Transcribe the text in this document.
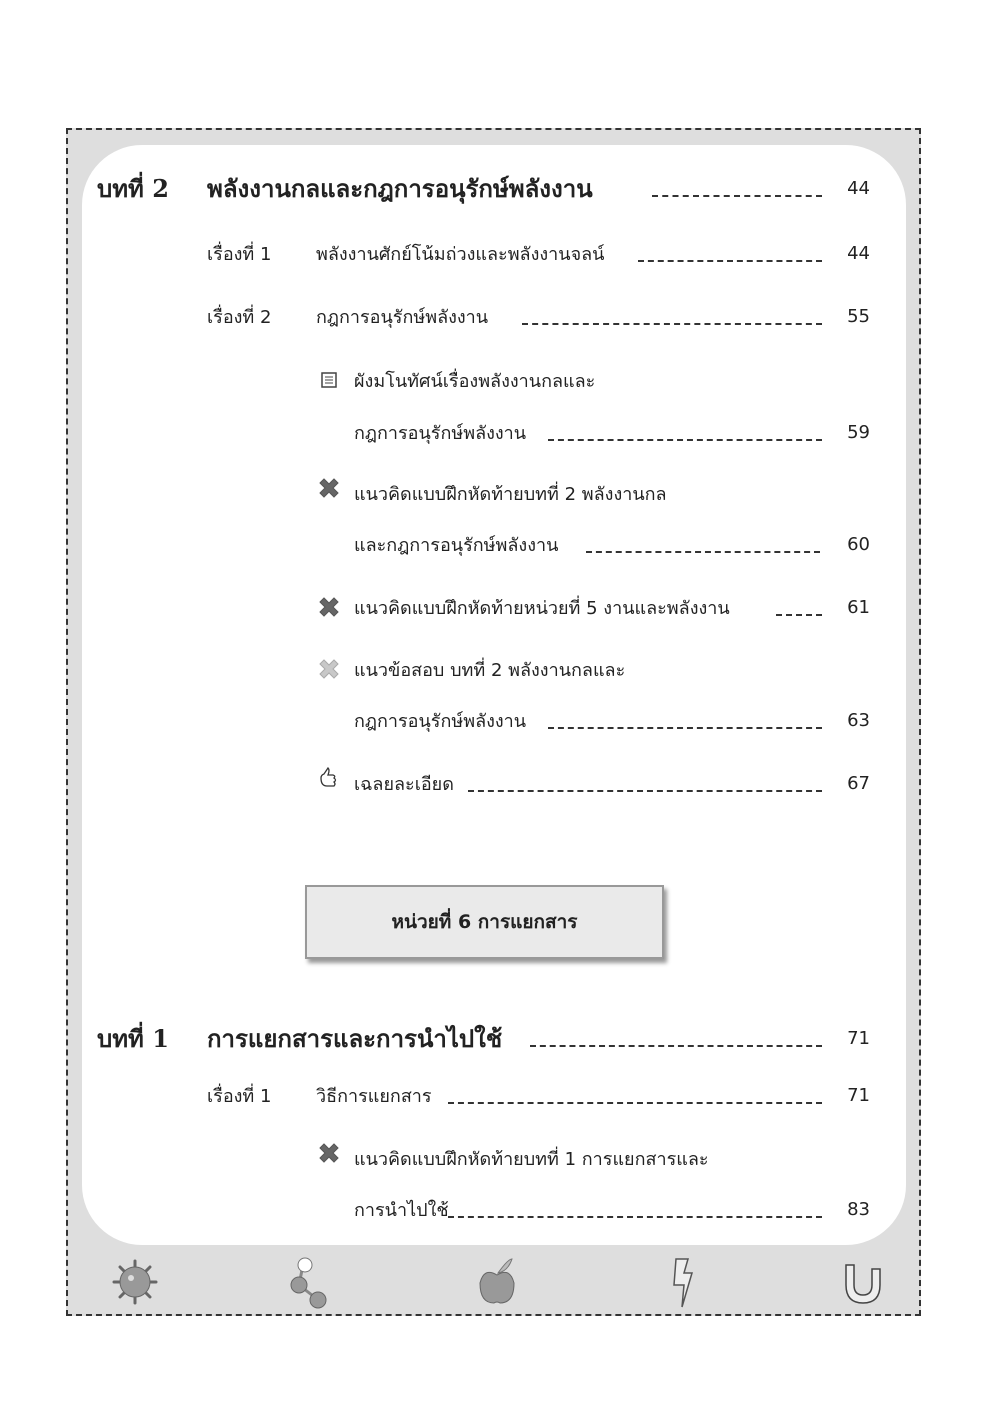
บทที่ 2 พลังงานกลและกฎการอนุรักษ์พลังงาน	44
เรื่องที่ 1 พลังงานศักย์โน้มถ่วงและพลังงานจลน์	44
เรื่องที่ 2 กฎการอนุรักษ์พลังงาน	55
ผังมโนทัศน์เรื่องพลังงานกลและ
กฎการอนุรักษ์พลังงาน	59
แนวคิดแบบฝึกหัดท้ายบทที่ 2 พลังงานกล
และกฎการอนุรักษ์พลังงาน	60
แนวคิดแบบฝึกหัดท้ายหน่วยที่ 5 งานและพลังงาน	61
แนวข้อสอบ บทที่ 2 พลังงานกลและ
กฎการอนุรักษ์พลังงาน	63
เฉลยละเอียด	67
หน่วยที่ 6 การแยกสาร
บทที่ 1 การแยกสารและการนำไปใช้	71
เรื่องที่ 1 วิธีการแยกสาร	71
แนวคิดแบบฝึกหัดท้ายบทที่ 1 การแยกสารและ
การนำไปใช้	83
